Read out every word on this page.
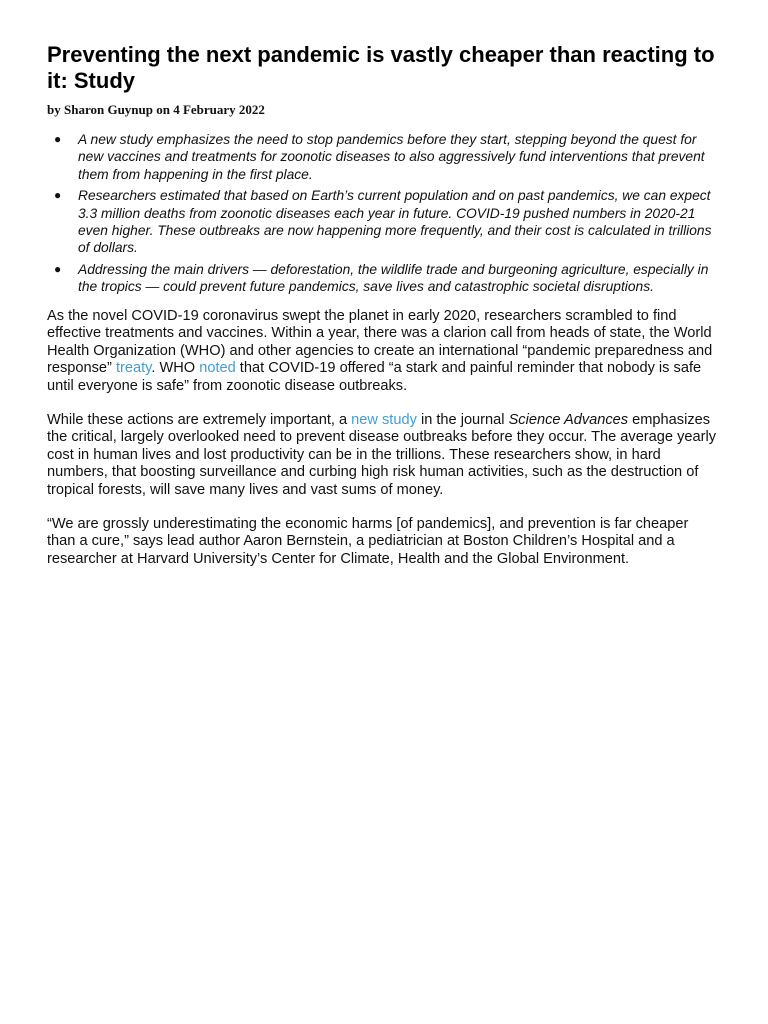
Preventing the next pandemic is vastly cheaper than reacting to it: Study
by Sharon Guynup on 4 February 2022
● A new study emphasizes the need to stop pandemics before they start, stepping beyond the quest for new vaccines and treatments for zoonotic diseases to also aggressively fund interventions that prevent them from happening in the first place.
● Researchers estimated that based on Earth’s current population and on past pandemics, we can expect 3.3 million deaths from zoonotic diseases each year in future. COVID-19 pushed numbers in 2020-21 even higher. These outbreaks are now happening more frequently, and their cost is calculated in trillions of dollars.
● Addressing the main drivers — deforestation, the wildlife trade and burgeoning agriculture, especially in the tropics — could prevent future pandemics, save lives and catastrophic societal disruptions.

As the novel COVID-19 coronavirus swept the planet in early 2020, researchers scrambled to find effective treatments and vaccines. Within a year, there was a clarion call from heads of state, the World Health Organization (WHO) and other agencies to create an international “pandemic preparedness and response” treaty. WHO noted that COVID-19 offered “a stark and painful reminder that nobody is safe until everyone is safe” from zoonotic disease outbreaks.

While these actions are extremely important, a new study in the journal Science Advances emphasizes the critical, largely overlooked need to prevent disease outbreaks before they occur. The average yearly cost in human lives and lost productivity can be in the trillions. These researchers show, in hard numbers, that boosting surveillance and curbing high risk human activities, such as the destruction of tropical forests, will save many lives and vast sums of money.

“We are grossly underestimating the economic harms [of pandemics], and prevention is far cheaper than a cure,” says lead author Aaron Bernstein, a pediatrician at Boston Children’s Hospital and a researcher at Harvard University’s Center for Climate, Health and the Global Environment.
